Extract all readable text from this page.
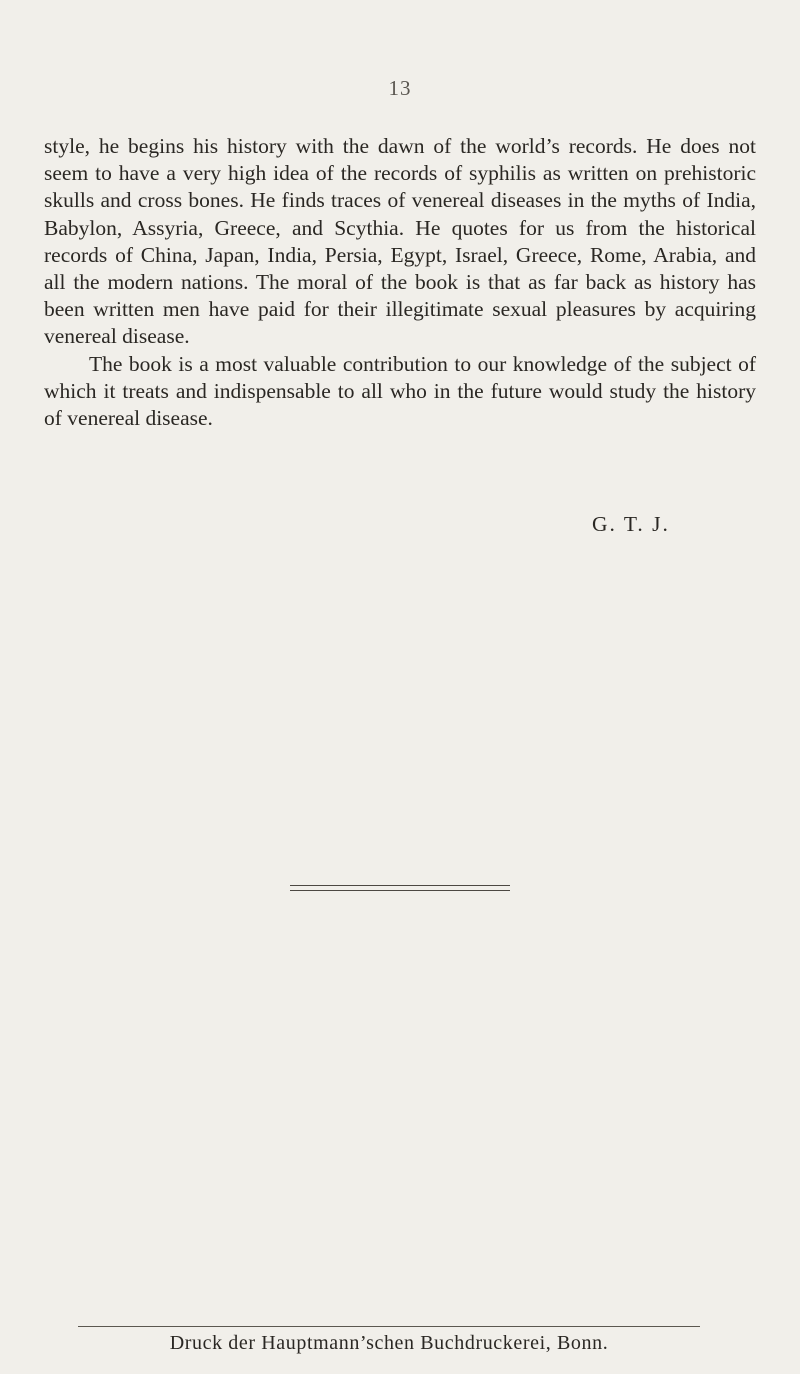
13

style, he begins his history with the dawn of the world’s records. He does not seem to have a very high idea of the records of syphilis as written on prehistoric skulls and cross bones. He finds traces of venereal diseases in the myths of India, Babylon, Assyria, Greece, and Scythia. He quotes for us from the historical records of China, Japan, India, Persia, Egypt, Israel, Greece, Rome, Arabia, and all the modern nations. The moral of the book is that as far back as history has been written men have paid for their illegitimate sexual pleasures by acquiring venereal disease.

The book is a most valuable contribution to our knowledge of the subject of which it treats and indispensable to all who in the future would study the history of venereal disease.

G. T. J.
Druck der Hauptmann’schen Buchdruckerei, Bonn.
